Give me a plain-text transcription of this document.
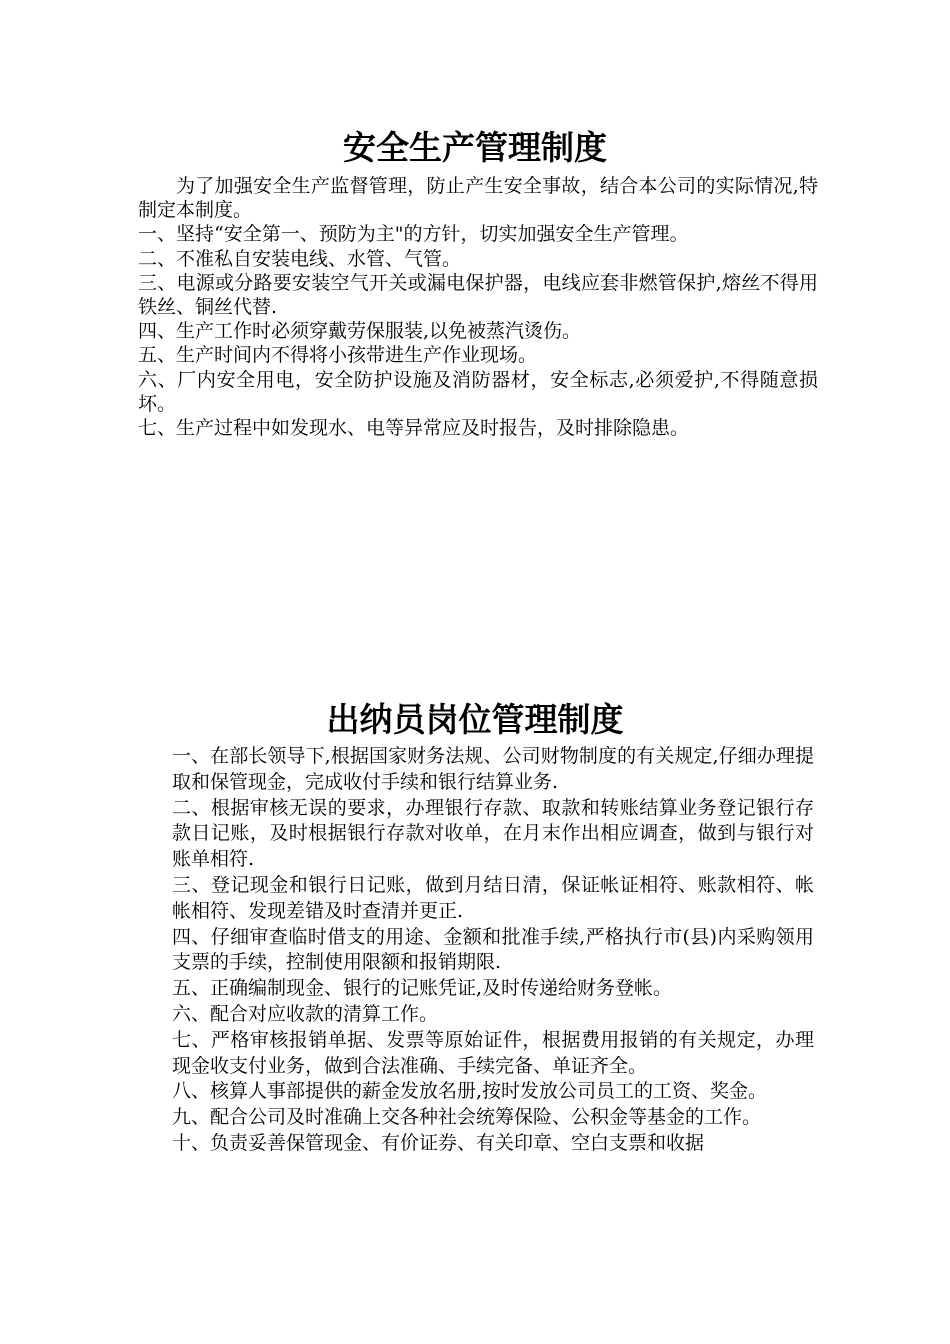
安全生产管理制度

为了加强安全生产监督管理，防止产生安全事故，结合本公司的实际情况,特制定本制度。

一、坚持“安全第一、预防为主"的方针，切实加强安全生产管理。

二、不准私自安装电线、水管、气管。

三、电源或分路要安装空气开关或漏电保护器，电线应套非燃管保护,熔丝不得用铁丝、铜丝代替.

四、生产工作时必须穿戴劳保服装,以免被蒸汽烫伤。

五、生产时间内不得将小孩带进生产作业现场。

六、厂内安全用电，安全防护设施及消防器材，安全标志,必须爱护,不得随意损坏。

七、生产过程中如发现水、电等异常应及时报告，及时排除隐患。

出纳员岗位管理制度

一、在部长领导下,根据国家财务法规、公司财物制度的有关规定,仔细办理提取和保管现金，完成收付手续和银行结算业务.

二、根据审核无误的要求，办理银行存款、取款和转账结算业务登记银行存款日记账，及时根据银行存款对收单，在月末作出相应调查，做到与银行对账单相符.

三、登记现金和银行日记账，做到月结日清，保证帐证相符、账款相符、帐帐相符、发现差错及时查清并更正.

四、仔细审查临时借支的用途、金额和批准手续,严格执行市(县)内采购领用支票的手续，控制使用限额和报销期限.

五、正确编制现金、银行的记账凭证,及时传递给财务登帐。

六、配合对应收款的清算工作。

七、严格审核报销单据、发票等原始证件，根据费用报销的有关规定，办理现金收支付业务，做到合法准确、手续完备、单证齐全。

八、核算人事部提供的薪金发放名册,按时发放公司员工的工资、奖金。

九、配合公司及时准确上交各种社会统筹保险、公积金等基金的工作。

十、负责妥善保管现金、有价证券、有关印章、空白支票和收据
